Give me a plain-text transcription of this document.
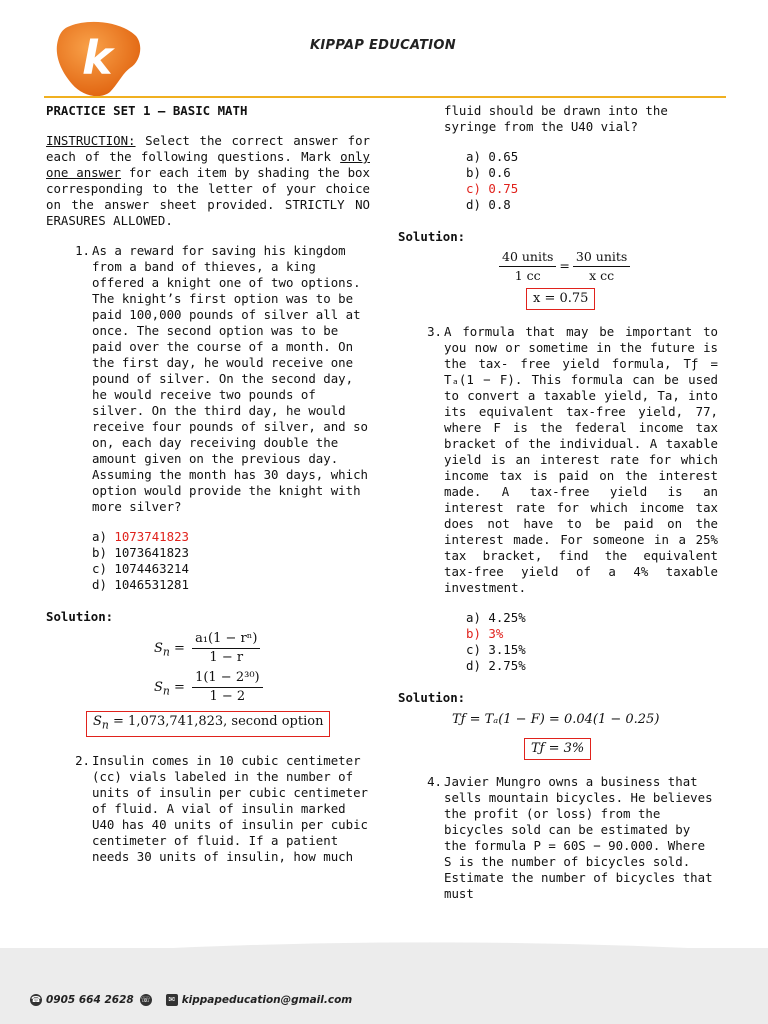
k	KIPPAP EDUCATION
PRACTICE SET 1 – BASIC MATH
INSTRUCTION: Select the correct answer for each of the following questions. Mark only one answer for each item by shading the box corresponding to the letter of your choice on the answer sheet provided. STRICTLY NO ERASURES ALLOWED.
1. As a reward for saving his kingdom from a band of thieves, a king offered a knight one of two options. The knight’s first option was to be paid 100,000 pounds of silver all at once. The second option was to be paid over the course of a month. On the first day, he would receive one pound of silver. On the second day, he would receive two pounds of silver. On the third day, he would receive four pounds of silver, and so on, each day receiving double the amount given on the previous day. Assuming the month has 30 days, which option would provide the knight with more silver?
a) 1073741823
b) 1073641823
c) 1074463214
d) 1046531281
Solution:
$S_n = \frac{\text{a₁(1 − rⁿ)}}{1 - r}$
$S_n = \frac{\text{1(1 − 2³⁰)}}{1 - 2}$
$S_n = 1,073,741,823$, second option
2. Insulin comes in 10 cubic centimeter (cc) vials labeled in the number of units of insulin per cubic centimeter of fluid. A vial of insulin marked U40 has 40 units of insulin per cubic centimeter of fluid. If a patient needs 30 units of insulin, how much
fluid should be drawn into the syringe from the U40 vial?
a) 0.65
b) 0.6
c) 0.75
d) 0.8
Solution:
$\frac{\text{40 units}}{1 cc} = \frac{\text{30 units}}{\text{x cc}}$
x = 0.75
3. A formula that may be important to you now or sometime in the future is the tax- free yield formula, Tƒ = Tₐ(1 − F). This formula can be used to convert a taxable yield, Ta, into its equivalent tax-free yield, 77, where F is the federal income tax bracket of the individual. A taxable yield is an interest rate for which income tax is paid on the interest made. A tax-free yield is an interest rate for which income tax does not have to be paid on the interest made. For someone in a 25% tax bracket, find the equivalent tax-free yield of a 4% taxable investment.
a) 4.25%
b) 3%
c) 3.15%
d) 2.75%
Solution:
Tƒ = Tₐ(1 − F) = 0.04(1 − 0.25)
Tƒ = 3%
4. Javier Mungro owns a business that sells mountain bicycles. He believes the profit (or loss) from the bicycles sold can be estimated by the formula P = 60S − 90.000. Where S is the number of bicycles sold. Estimate the number of bicycles that must
☎ 0905 664 2628 ☏	✉ kippapeducation@gmail.com
